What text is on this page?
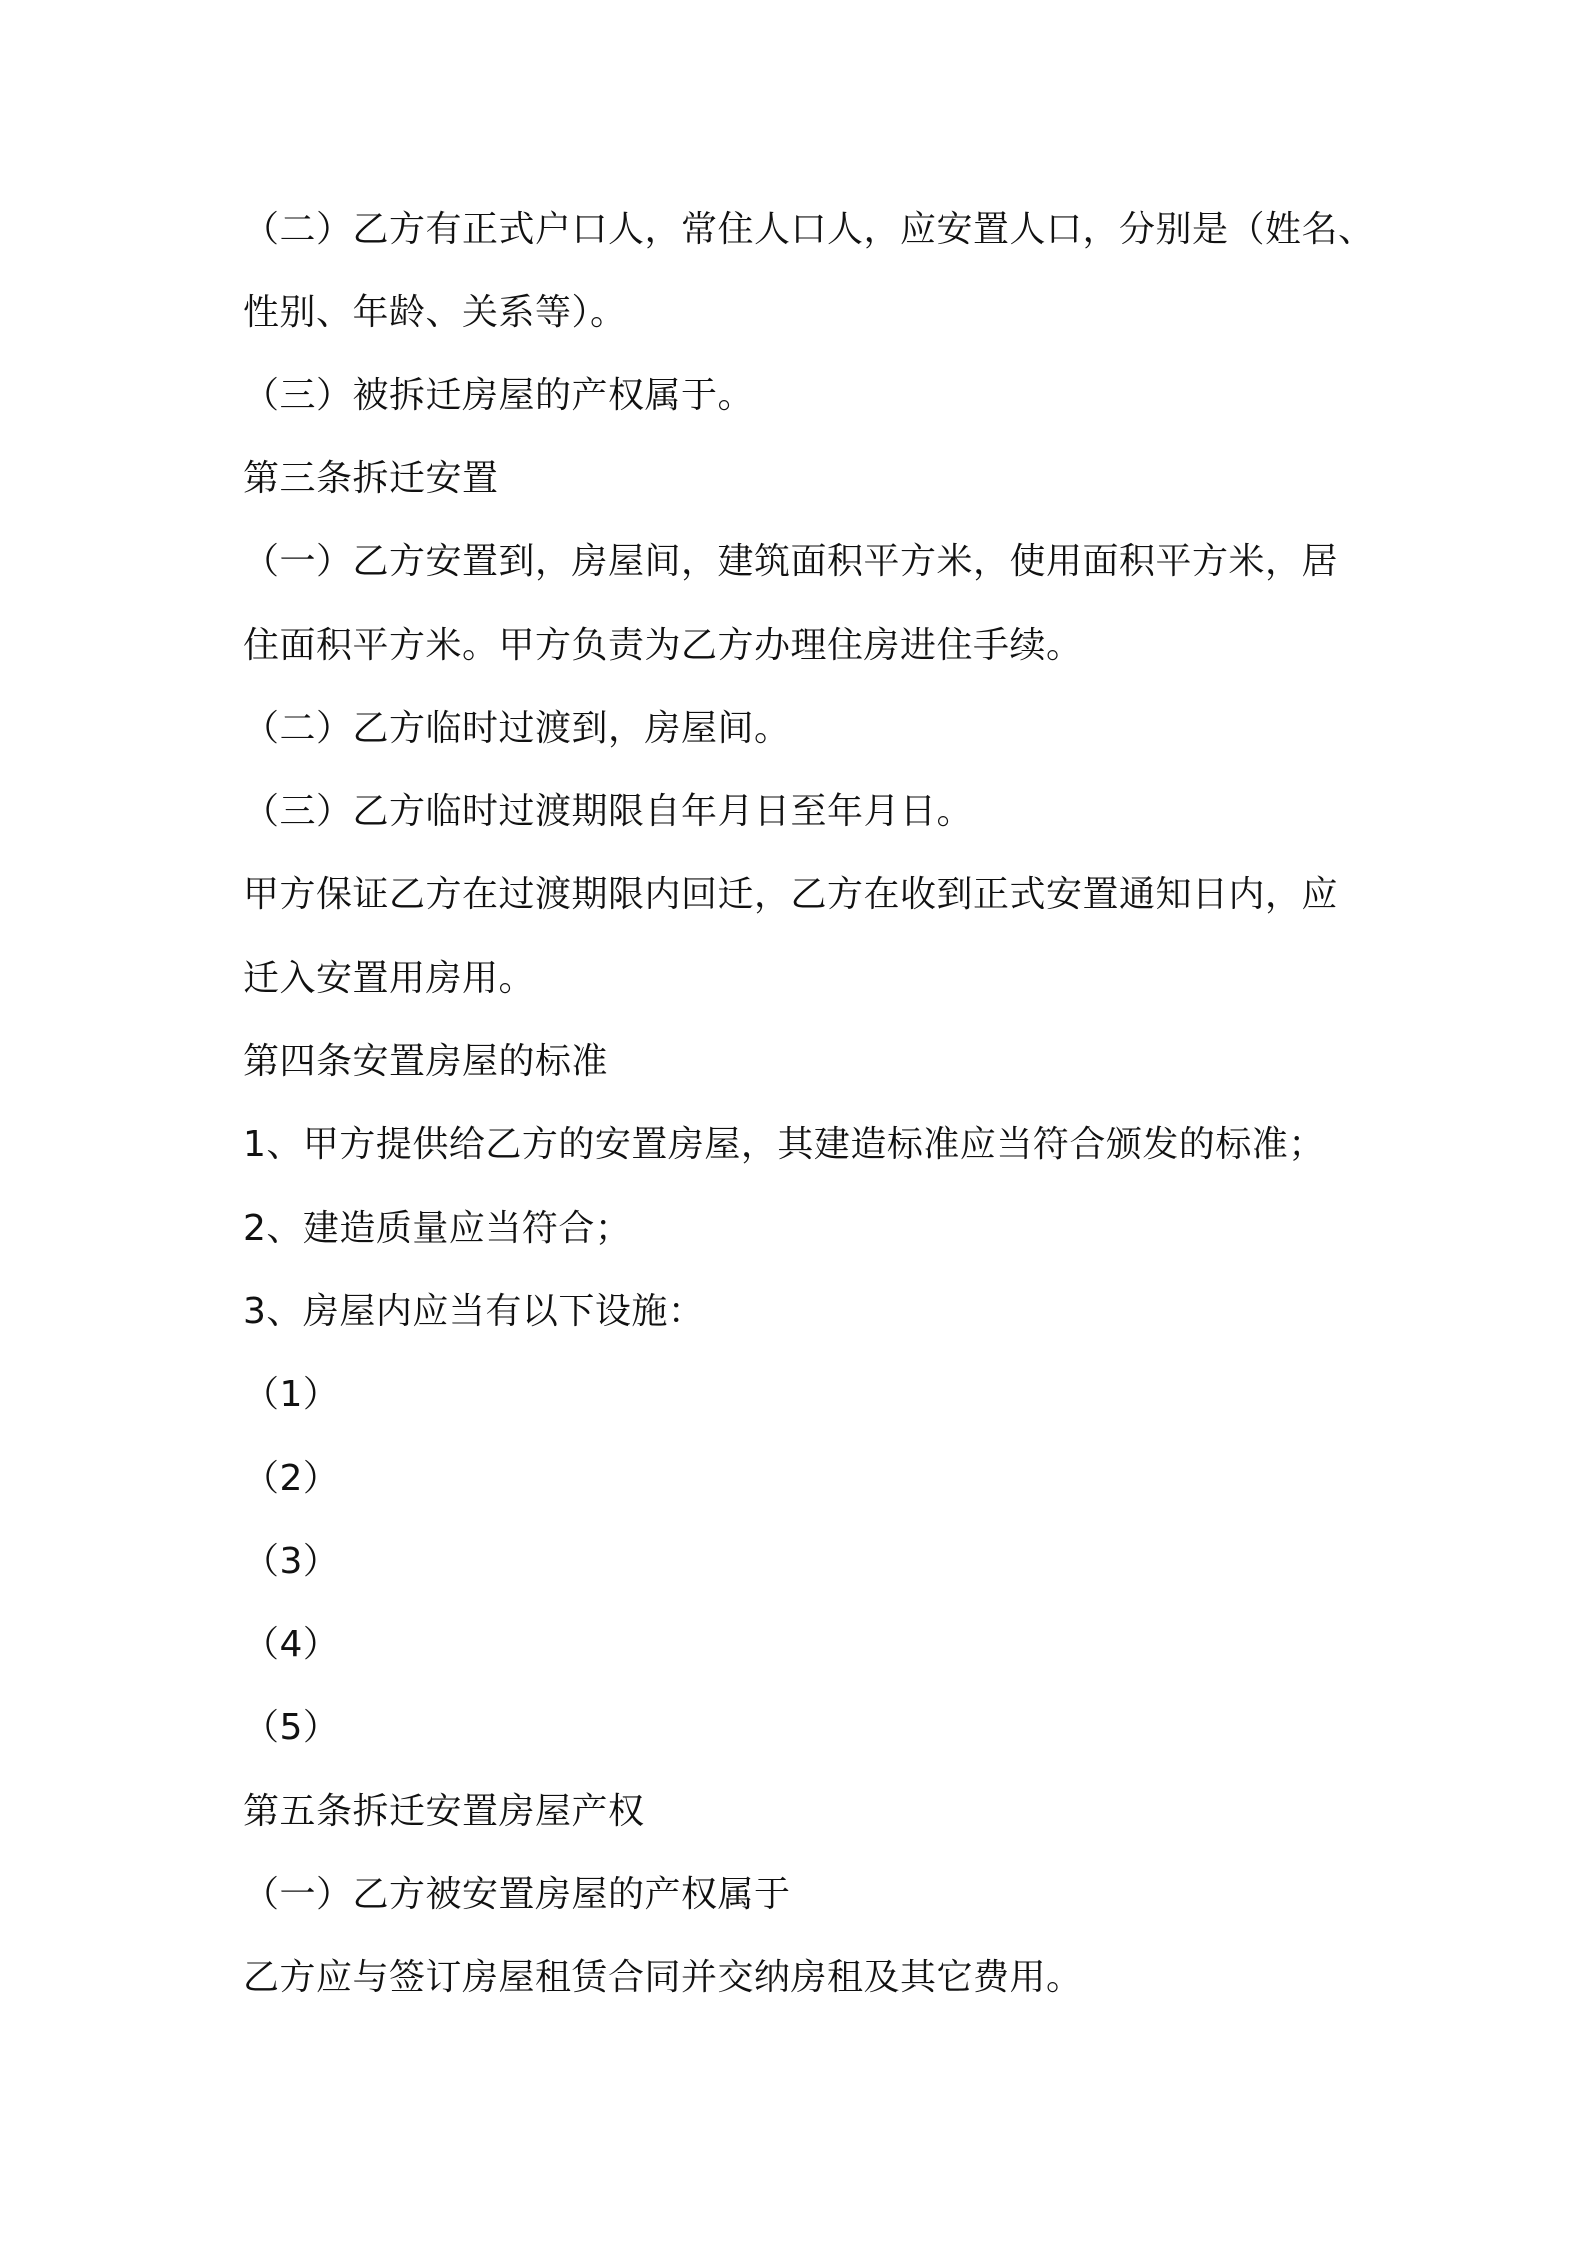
（二）乙方有正式户口人，常住人口人，应安置人口，分别是（姓名、
性别、年龄、关系等）。
（三）被拆迁房屋的产权属于。
第三条拆迁安置
（一）乙方安置到，房屋间，建筑面积平方米，使用面积平方米，居
住面积平方米。甲方负责为乙方办理住房进住手续。
（二）乙方临时过渡到，房屋间。
（三）乙方临时过渡期限自年月日至年月日。
甲方保证乙方在过渡期限内回迁，乙方在收到正式安置通知日内，应
迁入安置用房用。
第四条安置房屋的标准
1、甲方提供给乙方的安置房屋，其建造标准应当符合颁发的标准；
2、建造质量应当符合；
3、房屋内应当有以下设施：
（1）
（2）
（3）
（4）
（5）
第五条拆迁安置房屋产权
（一）乙方被安置房屋的产权属于
乙方应与签订房屋租赁合同并交纳房租及其它费用。
